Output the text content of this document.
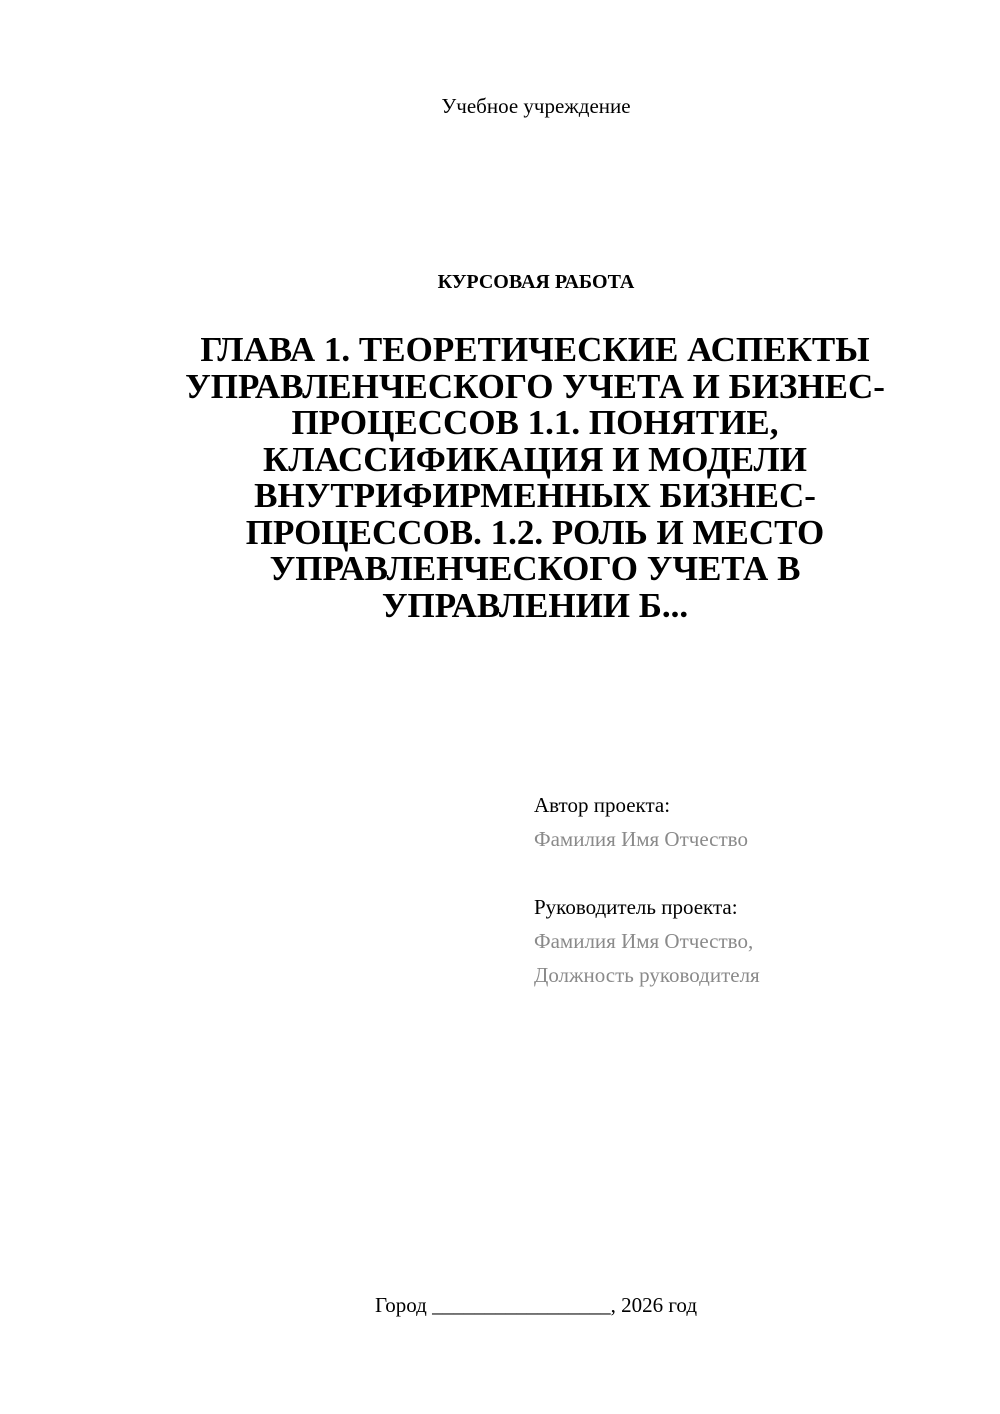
Учебное учреждение
КУРСОВАЯ РАБОТА
ГЛАВА 1. ТЕОРЕТИЧЕСКИЕ АСПЕКТЫ УПРАВЛЕНЧЕСКОГО УЧЕТА И БИЗНЕС-ПРОЦЕССОВ 1.1. ПОНЯТИЕ, КЛАССИФИКАЦИЯ И МОДЕЛИ ВНУТРИФИРМЕННЫХ БИЗНЕС-ПРОЦЕССОВ. 1.2. РОЛЬ И МЕСТО УПРАВЛЕНЧЕСКОГО УЧЕТА В УПРАВЛЕНИИ Б...
Автор проекта:
Фамилия Имя Отчество
Руководитель проекта:
Фамилия Имя Отчество,
Должность руководителя
Город _________________, 2026 год
